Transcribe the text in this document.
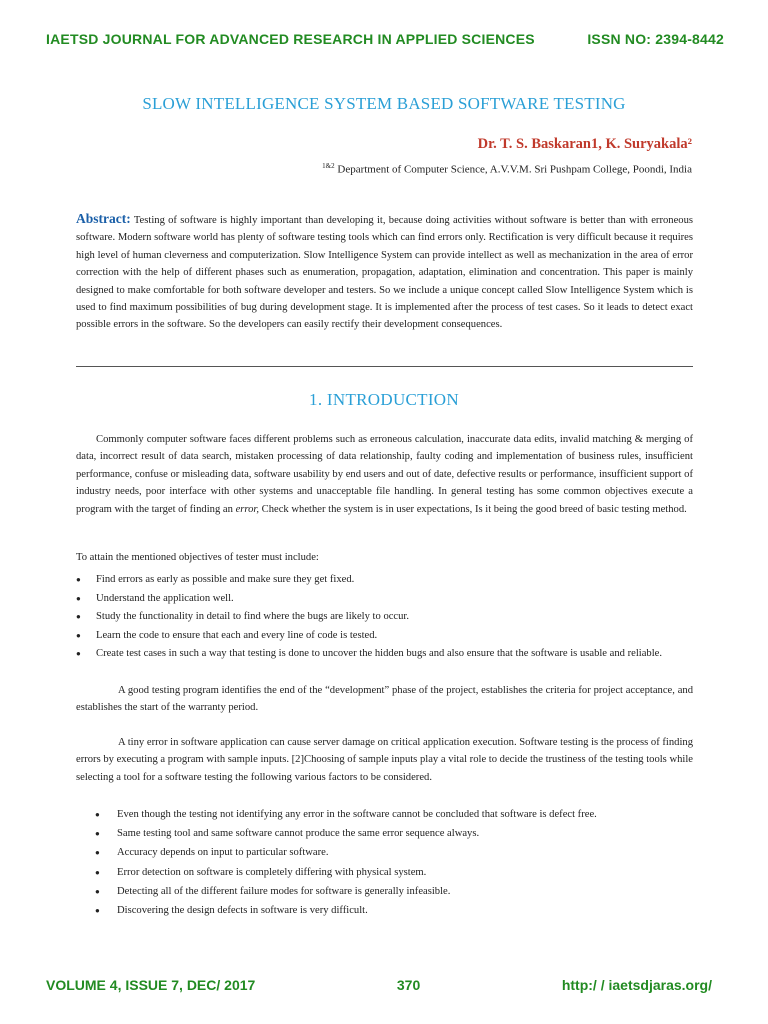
IAETSD JOURNAL FOR ADVANCED RESEARCH IN APPLIED SCIENCES	ISSN NO: 2394-8442
SLOW INTELLIGENCE SYSTEM BASED SOFTWARE TESTING
Dr. T. S. Baskaran1, K. Suryakala²
$^{1\&2}$ Department of Computer Science, A.V.V.M. Sri Pushpam College, Poondi, India
Abstract: Testing of software is highly important than developing it, because doing activities without software is better than with erroneous software. Modern software world has plenty of software testing tools which can find errors only. Rectification is very difficult because it requires high level of human cleverness and computerization. Slow Intelligence System can provide intellect as well as mechanization in the area of error correction with the help of different phases such as enumeration, propagation, adaptation, elimination and concentration. This paper is mainly designed to make comfortable for both software developer and testers. So we include a unique concept called Slow Intelligence System which is used to find maximum possibilities of bug during development stage. It is implemented after the process of test cases. So it leads to detect exact possible errors in the software. So the developers can easily rectify their development consequences.
1. INTRODUCTION
Commonly computer software faces different problems such as erroneous calculation, inaccurate data edits, invalid matching & merging of data, incorrect result of data search, mistaken processing of data relationship, faulty coding and implementation of business rules, insufficient performance, confuse or misleading data, software usability by end users and out of date, defective results or performance, insufficient support of industry needs, poor interface with other systems and unacceptable file handling. In general testing has some common objectives execute a program with the target of finding an error, Check whether the system is in user expectations, Is it being the good breed of basic testing method.
To attain the mentioned objectives of tester must include:
● Find errors as early as possible and make sure they get fixed.
● Understand the application well.
● Study the functionality in detail to find where the bugs are likely to occur.
● Learn the code to ensure that each and every line of code is tested.
● Create test cases in such a way that testing is done to uncover the hidden bugs and also ensure that the software is usable and reliable.
A good testing program identifies the end of the “development” phase of the project, establishes the criteria for project acceptance, and establishes the start of the warranty period.
A tiny error in software application can cause server damage on critical application execution. Software testing is the process of finding errors by executing a program with sample inputs. [2]Choosing of sample inputs play a vital role to decide the trustiness of the testing tools while selecting a tool for a software testing the following various factors to be considered.
● Even though the testing not identifying any error in the software cannot be concluded that software is defect free.
● Same testing tool and same software cannot produce the same error sequence always.
● Accuracy depends on input to particular software.
● Error detection on software is completely differing with physical system.
● Detecting all of the different failure modes for software is generally infeasible.
● Discovering the design defects in software is very difficult.
VOLUME 4, ISSUE 7, DEC/ 2017	370	http:/ / iaetsdjaras.org/
